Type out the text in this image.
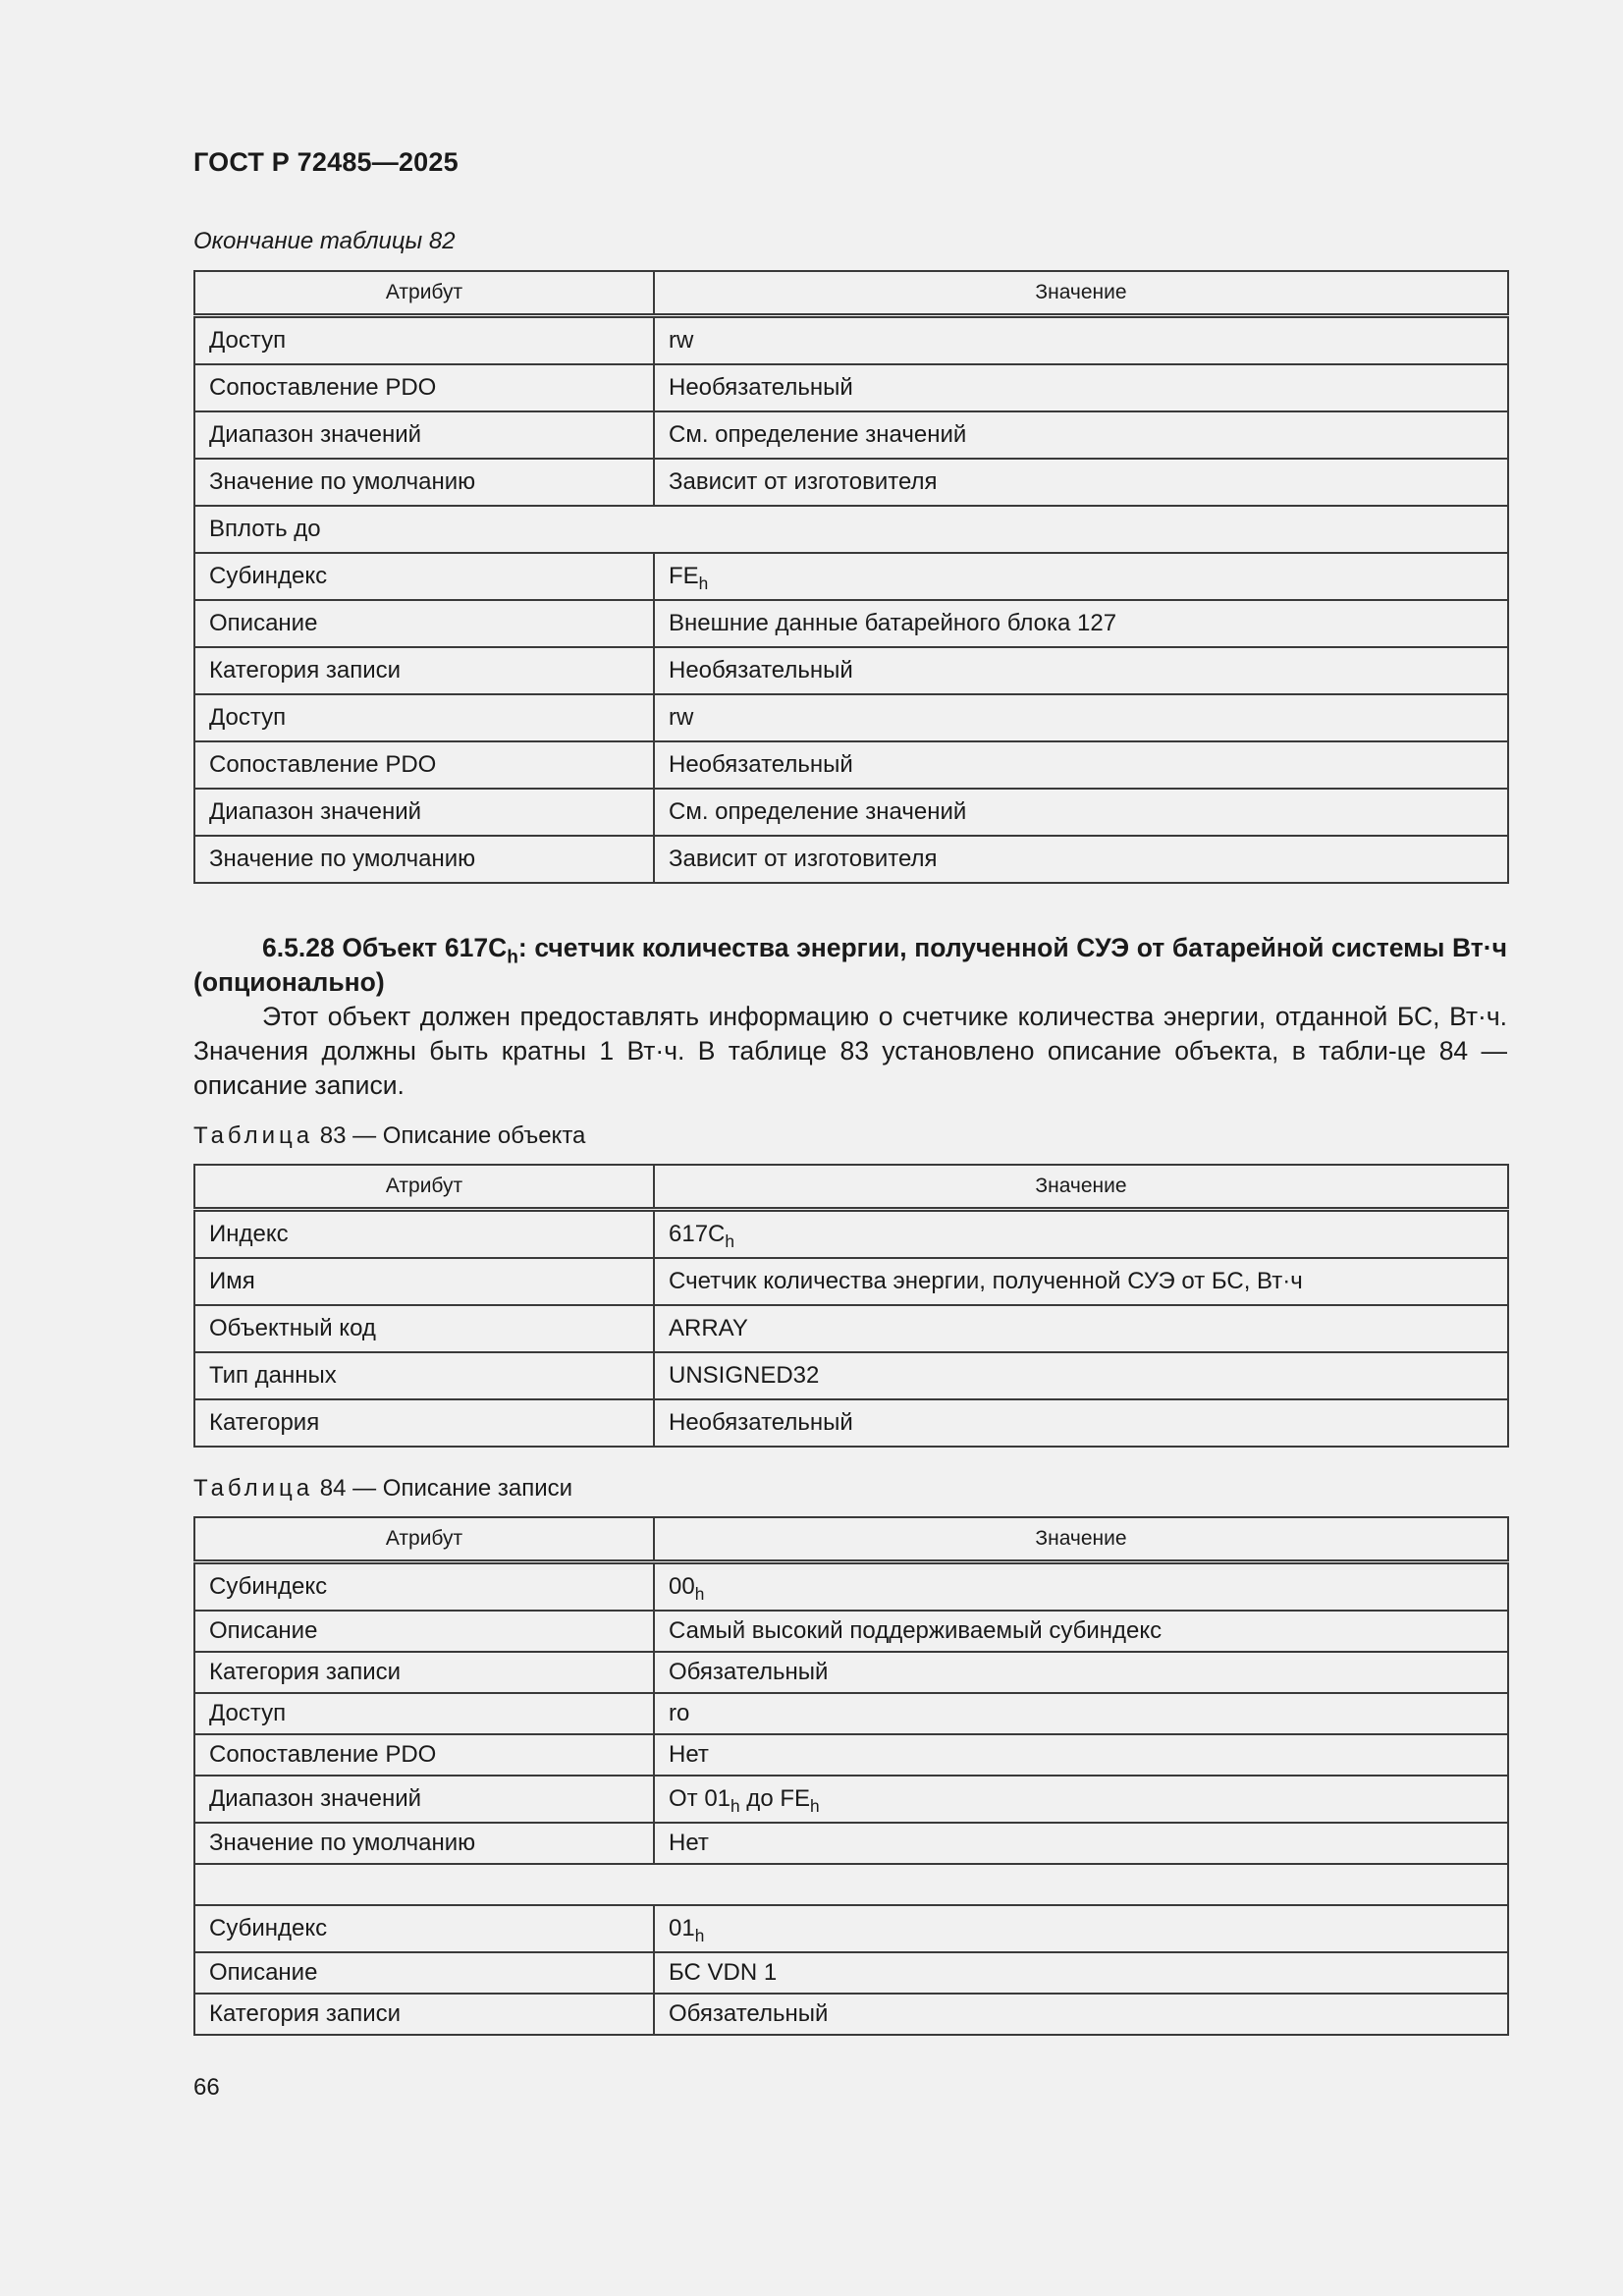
ГОСТ Р 72485—2025
Окончание таблицы 82
Атрибут	Значение
Доступ	rw
Сопоставление PDO	Необязательный
Диапазон значений	См. определение значений
Значение по умолчанию	Зависит от изготовителя
Вплоть до	
Субиндекс	$FE_h$
Описание	Внешние данные батарейного блока 127
Категория записи	Необязательный
Доступ	rw
Сопоставление PDO	Необязательный
Диапазон значений	См. определение значений
Значение по умолчанию	Зависит от изготовителя

6.5.28 Объект $617C_h$: счетчик количества энергии, полученной СУЭ от батарейной системы Вт·ч (опционально)

Этот объект должен предоставлять информацию о счетчике количества энергии, отданной БС, Вт·ч. Значения должны быть кратны 1 Вт·ч. В таблице 83 установлено описание объекта, в табли-це 84 — описание записи.

Таблица 83 — Описание объекта
Атрибут	Значение
Индекс	$617C_h$
Имя	Счетчик количества энергии, полученной СУЭ от БС, Вт·ч
Объектный код	ARRAY
Тип данных	UNSIGNED32
Категория	Необязательный
Таблица 84 — Описание записи
Атрибут	Значение
Субиндекс	$00_h$
Описание	Самый высокий поддерживаемый субиндекс
Категория записи	Обязательный
Доступ	ro
Сопоставление PDO	Нет
Диапазон значений	От $01_h$ до $FE_h$
Значение по умолчанию	Нет

Субиндекс	$01_h$
Описание	БС VDN 1
Категория записи	Обязательный
66
